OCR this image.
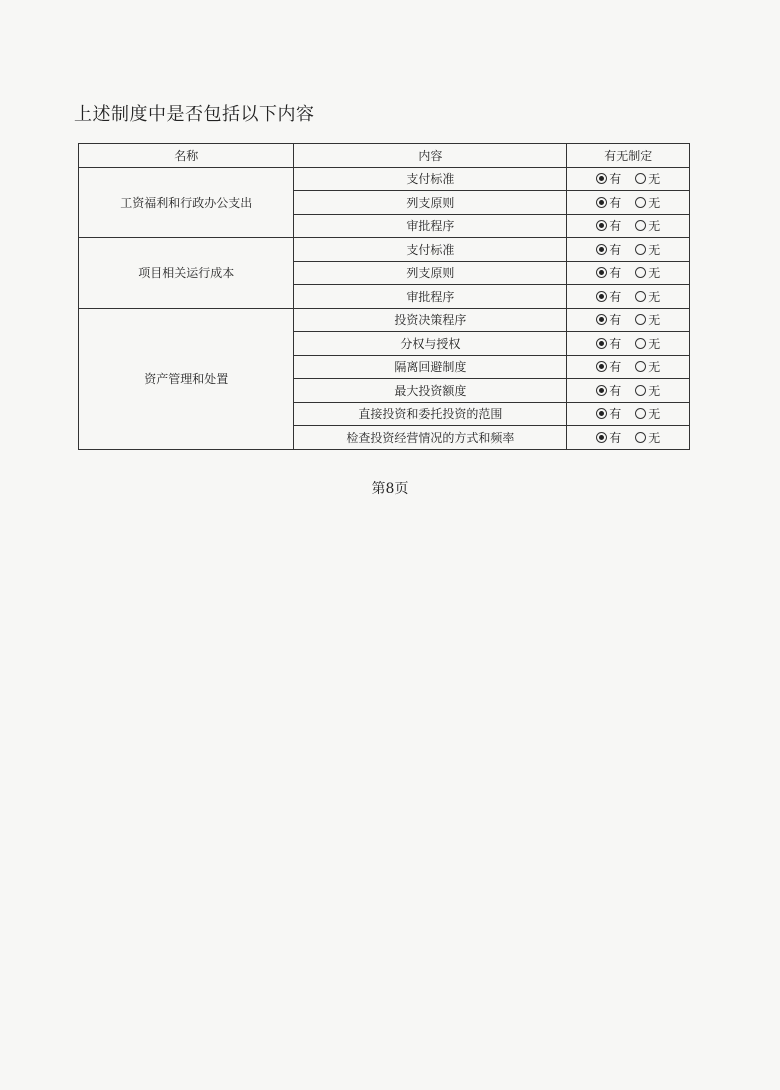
上述制度中是否包括以下内容
名称	内容	有无制定
工资福利和行政办公支出	支付标准	有 无

	列支原则	有 无

	审批程序	有 无

项目相关运行成本	支付标准	有 无

	列支原则	有 无

	审批程序	有 无

资产管理和处置	投资决策程序	有 无

	分权与授权	有 无

	隔离回避制度	有 无

	最大投资额度	有 无

	直接投资和委托投资的范围	有 无

	检查投资经营情况的方式和频率	有 无
第8页
